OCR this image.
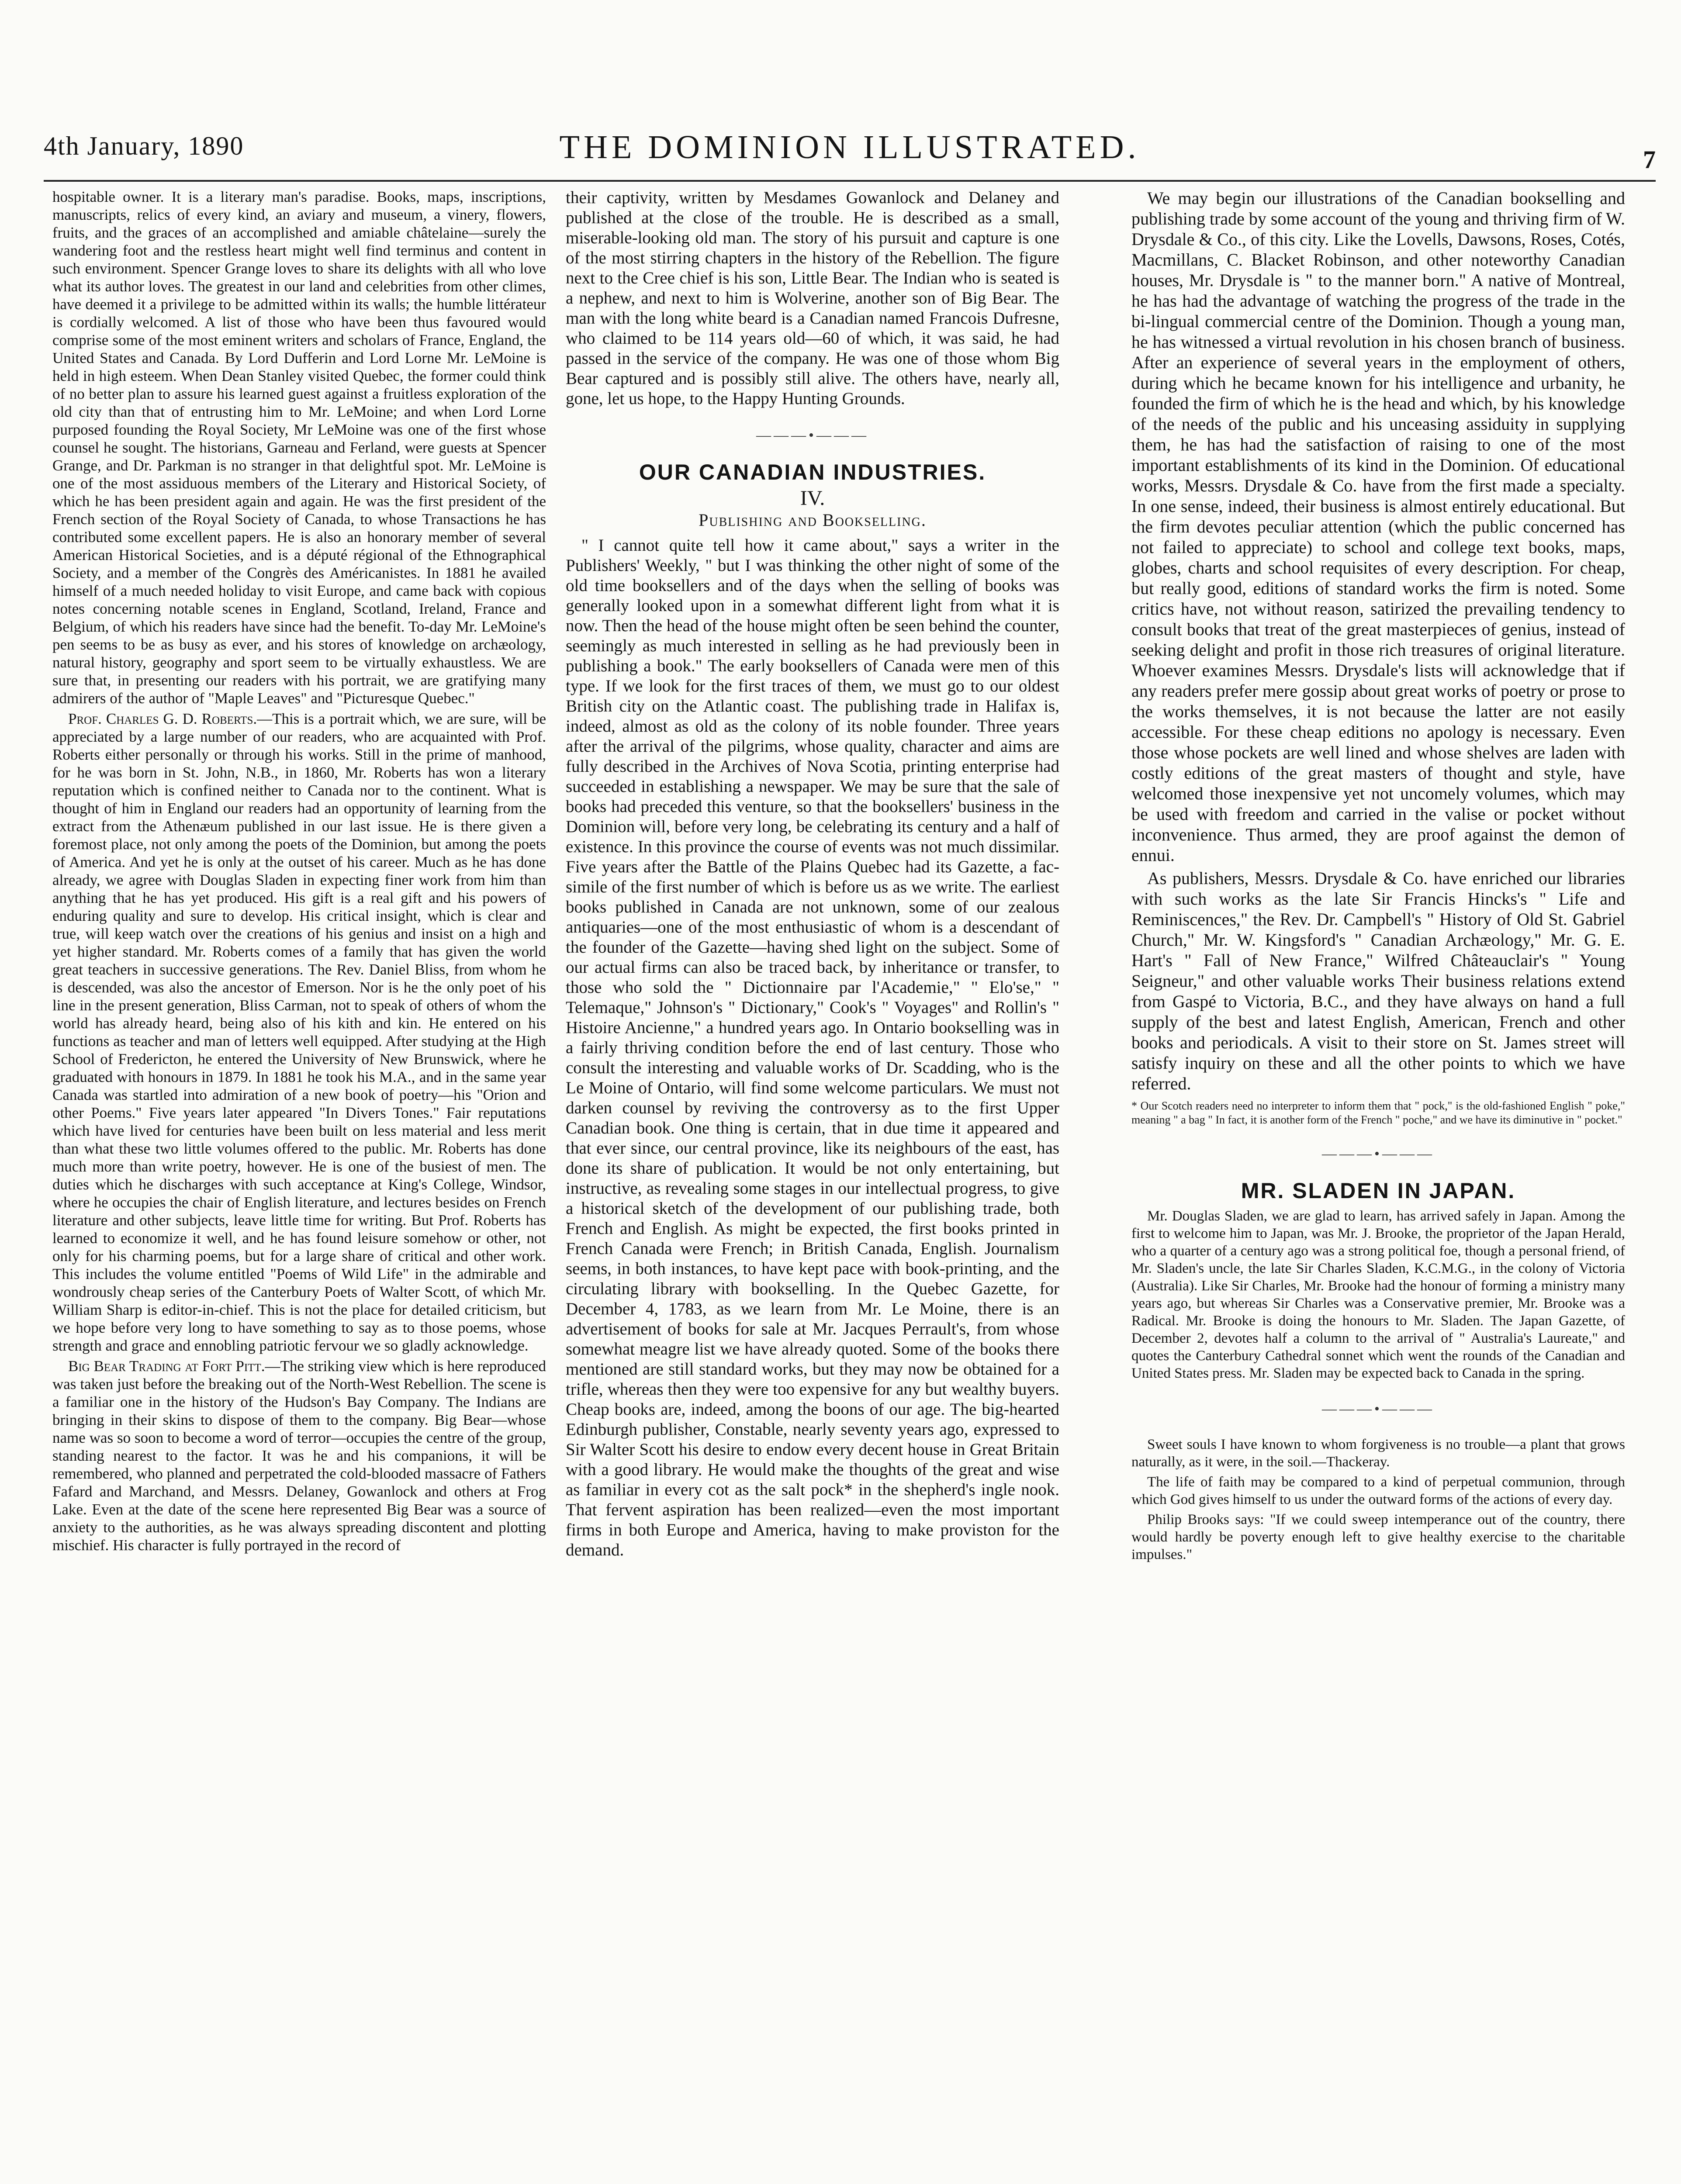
4th January, 1890	THE DOMINION ILLUSTRATED.	7

hospitable owner. It is a literary man's paradise. Books, maps, inscriptions, manuscripts, relics of every kind, an aviary and museum, a vinery, flowers, fruits, and the graces of an accomplished and amiable châtelaine—surely the wandering foot and the restless heart might well find terminus and content in such environment. Spencer Grange loves to share its delights with all who love what its author loves. The greatest in our land and celebrities from other climes, have deemed it a privilege to be admitted within its walls; the humble littérateur is cordially welcomed. A list of those who have been thus favoured would comprise some of the most eminent writers and scholars of France, England, the United States and Canada. By Lord Dufferin and Lord Lorne Mr. LeMoine is held in high esteem. When Dean Stanley visited Quebec, the former could think of no better plan to assure his learned guest against a fruitless exploration of the old city than that of entrusting him to Mr. LeMoine; and when Lord Lorne purposed founding the Royal Society, Mr LeMoine was one of the first whose counsel he sought. The historians, Garneau and Ferland, were guests at Spencer Grange, and Dr. Parkman is no stranger in that delightful spot. Mr. LeMoine is one of the most assiduous members of the Literary and Historical Society, of which he has been president again and again. He was the first president of the French section of the Royal Society of Canada, to whose Transactions he has contributed some excellent papers. He is also an honorary member of several American Historical Societies, and is a député régional of the Ethnographical Society, and a member of the Congrès des Américanistes. In 1881 he availed himself of a much needed holiday to visit Europe, and came back with copious notes concerning notable scenes in England, Scotland, Ireland, France and Belgium, of which his readers have since had the benefit. To-day Mr. LeMoine's pen seems to be as busy as ever, and his stores of knowledge on archæology, natural history, geography and sport seem to be virtually exhaustless. We are sure that, in presenting our readers with his portrait, we are gratifying many admirers of the author of "Maple Leaves" and "Picturesque Quebec."

Prof. Charles G. D. Roberts.—This is a portrait which, we are sure, will be appreciated by a large number of our readers, who are acquainted with Prof. Roberts either personally or through his works. Still in the prime of manhood, for he was born in St. John, N.B., in 1860, Mr. Roberts has won a literary reputation which is confined neither to Canada nor to the continent. What is thought of him in England our readers had an opportunity of learning from the extract from the Athenæum published in our last issue. He is there given a foremost place, not only among the poets of the Dominion, but among the poets of America. And yet he is only at the outset of his career. Much as he has done already, we agree with Douglas Sladen in expecting finer work from him than anything that he has yet produced. His gift is a real gift and his powers of enduring quality and sure to develop. His critical insight, which is clear and true, will keep watch over the creations of his genius and insist on a high and yet higher standard. Mr. Roberts comes of a family that has given the world great teachers in successive generations. The Rev. Daniel Bliss, from whom he is descended, was also the ancestor of Emerson. Nor is he the only poet of his line in the present generation, Bliss Carman, not to speak of others of whom the world has already heard, being also of his kith and kin. He entered on his functions as teacher and man of letters well equipped. After studying at the High School of Fredericton, he entered the University of New Brunswick, where he graduated with honours in 1879. In 1881 he took his M.A., and in the same year Canada was startled into admiration of a new book of poetry—his "Orion and other Poems." Five years later appeared "In Divers Tones." Fair reputations which have lived for centuries have been built on less material and less merit than what these two little volumes offered to the public. Mr. Roberts has done much more than write poetry, however. He is one of the busiest of men. The duties which he discharges with such acceptance at King's College, Windsor, where he occupies the chair of English literature, and lectures besides on French literature and other subjects, leave little time for writing. But Prof. Roberts has learned to economize it well, and he has found leisure somehow or other, not only for his charming poems, but for a large share of critical and other work. This includes the volume entitled "Poems of Wild Life" in the admirable and wondrously cheap series of the Canterbury Poets of Walter Scott, of which Mr. William Sharp is editor-in-chief. This is not the place for detailed criticism, but we hope before very long to have something to say as to those poems, whose strength and grace and ennobling patriotic fervour we so gladly acknowledge.

Big Bear Trading at Fort Pitt.—The striking view which is here reproduced was taken just before the breaking out of the North-West Rebellion. The scene is a familiar one in the history of the Hudson's Bay Company. The Indians are bringing in their skins to dispose of them to the company. Big Bear—whose name was so soon to become a word of terror—occupies the centre of the group, standing nearest to the factor. It was he and his companions, it will be remembered, who planned and perpetrated the cold-blooded massacre of Fathers Fafard and Marchand, and Messrs. Delaney, Gowanlock and others at Frog Lake. Even at the date of the scene here represented Big Bear was a source of anxiety to the authorities, as he was always spreading discontent and plotting mischief. His character is fully portrayed in the record of

their captivity, written by Mesdames Gowanlock and Delaney and published at the close of the trouble. He is described as a small, miserable-looking old man. The story of his pursuit and capture is one of the most stirring chapters in the history of the Rebellion. The figure next to the Cree chief is his son, Little Bear. The Indian who is seated is a nephew, and next to him is Wolverine, another son of Big Bear. The man with the long white beard is a Canadian named Francois Dufresne, who claimed to be 114 years old—60 of which, it was said, he had passed in the service of the company. He was one of those whom Big Bear captured and is possibly still alive. The others have, nearly all, gone, let us hope, to the Happy Hunting Grounds.

———•———
OUR CANADIAN INDUSTRIES.
IV.
Publishing and Bookselling.

" I cannot quite tell how it came about," says a writer in the Publishers' Weekly, " but I was thinking the other night of some of the old time booksellers and of the days when the selling of books was generally looked upon in a somewhat different light from what it is now. Then the head of the house might often be seen behind the counter, seemingly as much interested in selling as he had previously been in publishing a book." The early booksellers of Canada were men of this type. If we look for the first traces of them, we must go to our oldest British city on the Atlantic coast. The publishing trade in Halifax is, indeed, almost as old as the colony of its noble founder. Three years after the arrival of the pilgrims, whose quality, character and aims are fully described in the Archives of Nova Scotia, printing enterprise had succeeded in establishing a newspaper. We may be sure that the sale of books had preceded this venture, so that the booksellers' business in the Dominion will, before very long, be celebrating its century and a half of existence. In this province the course of events was not much dissimilar. Five years after the Battle of the Plains Quebec had its Gazette, a fac-simile of the first number of which is before us as we write. The earliest books published in Canada are not unknown, some of our zealous antiquaries—one of the most enthusiastic of whom is a descendant of the founder of the Gazette—having shed light on the subject. Some of our actual firms can also be traced back, by inheritance or transfer, to those who sold the " Dictionnaire par l'Academie," " Elo'se," " Telemaque," Johnson's " Dictionary," Cook's " Voyages" and Rollin's " Histoire Ancienne," a hundred years ago. In Ontario bookselling was in a fairly thriving condition before the end of last century. Those who consult the interesting and valuable works of Dr. Scadding, who is the Le Moine of Ontario, will find some welcome particulars. We must not darken counsel by reviving the controversy as to the first Upper Canadian book. One thing is certain, that in due time it appeared and that ever since, our central province, like its neighbours of the east, has done its share of publication. It would be not only entertaining, but instructive, as revealing some stages in our intellectual progress, to give a historical sketch of the development of our publishing trade, both French and English. As might be expected, the first books printed in French Canada were French; in British Canada, English. Journalism seems, in both instances, to have kept pace with book-printing, and the circulating library with bookselling. In the Quebec Gazette, for December 4, 1783, as we learn from Mr. Le Moine, there is an advertisement of books for sale at Mr. Jacques Perrault's, from whose somewhat meagre list we have already quoted. Some of the books there mentioned are still standard works, but they may now be obtained for a trifle, whereas then they were too expensive for any but wealthy buyers. Cheap books are, indeed, among the boons of our age. The big-hearted Edinburgh publisher, Constable, nearly seventy years ago, expressed to Sir Walter Scott his desire to endow every decent house in Great Britain with a good library. He would make the thoughts of the great and wise as familiar in every cot as the salt pock* in the shepherd's ingle nook. That fervent aspiration has been realized—even the most important firms in both Europe and America, having to make proviston for the demand.

We may begin our illustrations of the Canadian bookselling and publishing trade by some account of the young and thriving firm of W. Drysdale & Co., of this city. Like the Lovells, Dawsons, Roses, Cotés, Macmillans, C. Blacket Robinson, and other noteworthy Canadian houses, Mr. Drysdale is " to the manner born." A native of Montreal, he has had the advantage of watching the progress of the trade in the bi-lingual commercial centre of the Dominion. Though a young man, he has witnessed a virtual revolution in his chosen branch of business. After an experience of several years in the employment of others, during which he became known for his intelligence and urbanity, he founded the firm of which he is the head and which, by his knowledge of the needs of the public and his unceasing assiduity in supplying them, he has had the satisfaction of raising to one of the most important establishments of its kind in the Dominion. Of educational works, Messrs. Drysdale & Co. have from the first made a specialty. In one sense, indeed, their business is almost entirely educational. But the firm devotes peculiar attention (which the public concerned has not failed to appreciate) to school and college text books, maps, globes, charts and school requisites of every description. For cheap, but really good, editions of standard works the firm is noted. Some critics have, not without reason, satirized the prevailing tendency to consult books that treat of the great masterpieces of genius, instead of seeking delight and profit in those rich treasures of original literature. Whoever examines Messrs. Drysdale's lists will acknowledge that if any readers prefer mere gossip about great works of poetry or prose to the works themselves, it is not because the latter are not easily accessible. For these cheap editions no apology is necessary. Even those whose pockets are well lined and whose shelves are laden with costly editions of the great masters of thought and style, have welcomed those inexpensive yet not uncomely volumes, which may be used with freedom and carried in the valise or pocket without inconvenience. Thus armed, they are proof against the demon of ennui.

As publishers, Messrs. Drysdale & Co. have enriched our libraries with such works as the late Sir Francis Hincks's " Life and Reminiscences," the Rev. Dr. Campbell's " History of Old St. Gabriel Church," Mr. W. Kingsford's " Canadian Archæology," Mr. G. E. Hart's " Fall of New France," Wilfred Châteauclair's " Young Seigneur," and other valuable works Their business relations extend from Gaspé to Victoria, B.C., and they have always on hand a full supply of the best and latest English, American, French and other books and periodicals. A visit to their store on St. James street will satisfy inquiry on these and all the other points to which we have referred.

* Our Scotch readers need no interpreter to inform them that " pock," is the old-fashioned English " poke," meaning " a bag " In fact, it is another form of the French " poche," and we have its diminutive in " pocket."
———•———
MR. SLADEN IN JAPAN.

Mr. Douglas Sladen, we are glad to learn, has arrived safely in Japan. Among the first to welcome him to Japan, was Mr. J. Brooke, the proprietor of the Japan Herald, who a quarter of a century ago was a strong political foe, though a personal friend, of Mr. Sladen's uncle, the late Sir Charles Sladen, K.C.M.G., in the colony of Victoria (Australia). Like Sir Charles, Mr. Brooke had the honour of forming a ministry many years ago, but whereas Sir Charles was a Conservative premier, Mr. Brooke was a Radical. Mr. Brooke is doing the honours to Mr. Sladen. The Japan Gazette, of December 2, devotes half a column to the arrival of " Australia's Laureate," and quotes the Canterbury Cathedral sonnet which went the rounds of the Canadian and United States press. Mr. Sladen may be expected back to Canada in the spring.

———•———

Sweet souls I have known to whom forgiveness is no trouble—a plant that grows naturally, as it were, in the soil.—Thackeray.

The life of faith may be compared to a kind of perpetual communion, through which God gives himself to us under the outward forms of the actions of every day.

Philip Brooks says: "If we could sweep intemperance out of the country, there would hardly be poverty enough left to give healthy exercise to the charitable impulses."
